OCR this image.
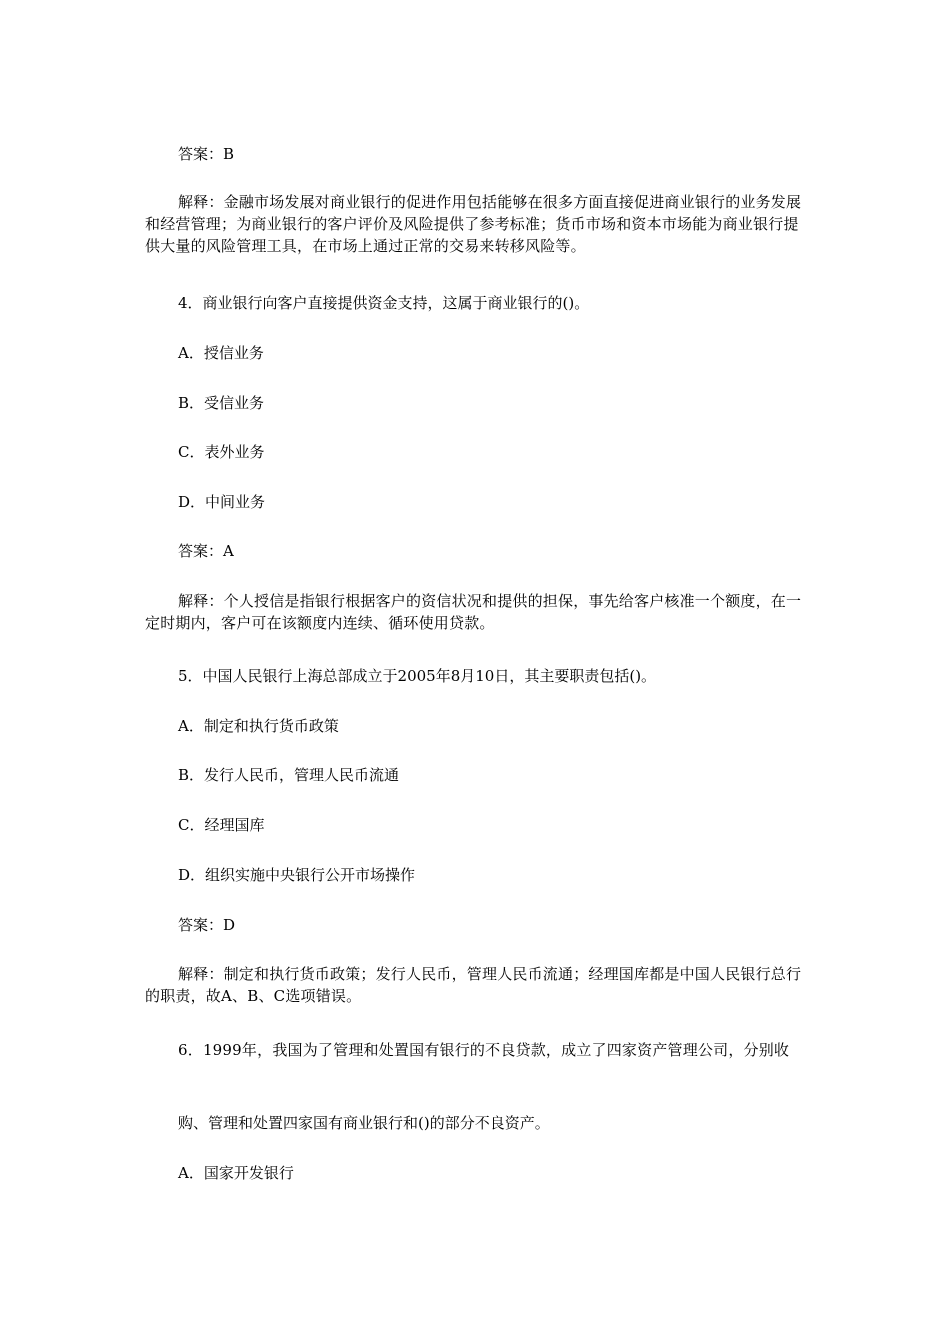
答案：B
解释：金融市场发展对商业银行的促进作用包括能够在很多方面直接促进商业银行的业务发展和经营管理；为商业银行的客户评价及风险提供了参考标准；货币市场和资本市场能为商业银行提供大量的风险管理工具，在市场上通过正常的交易来转移风险等。
4．商业银行向客户直接提供资金支持，这属于商业银行的()。
A．授信业务
B．受信业务
C．表外业务
D．中间业务
答案：A
解释：个人授信是指银行根据客户的资信状况和提供的担保，事先给客户核准一个额度，在一定时期内，客户可在该额度内连续、循环使用贷款。
5．中国人民银行上海总部成立于2005年8月10日，其主要职责包括()。
A．制定和执行货币政策
B．发行人民币，管理人民币流通
C．经理国库
D．组织实施中央银行公开市场操作
答案：D
解释：制定和执行货币政策；发行人民币，管理人民币流通；经理国库都是中国人民银行总行的职责，故A、B、C选项错误。
6．1999年，我国为了管理和处置国有银行的不良贷款，成立了四家资产管理公司，分别收
购、管理和处置四家国有商业银行和()的部分不良资产。
A．国家开发银行
